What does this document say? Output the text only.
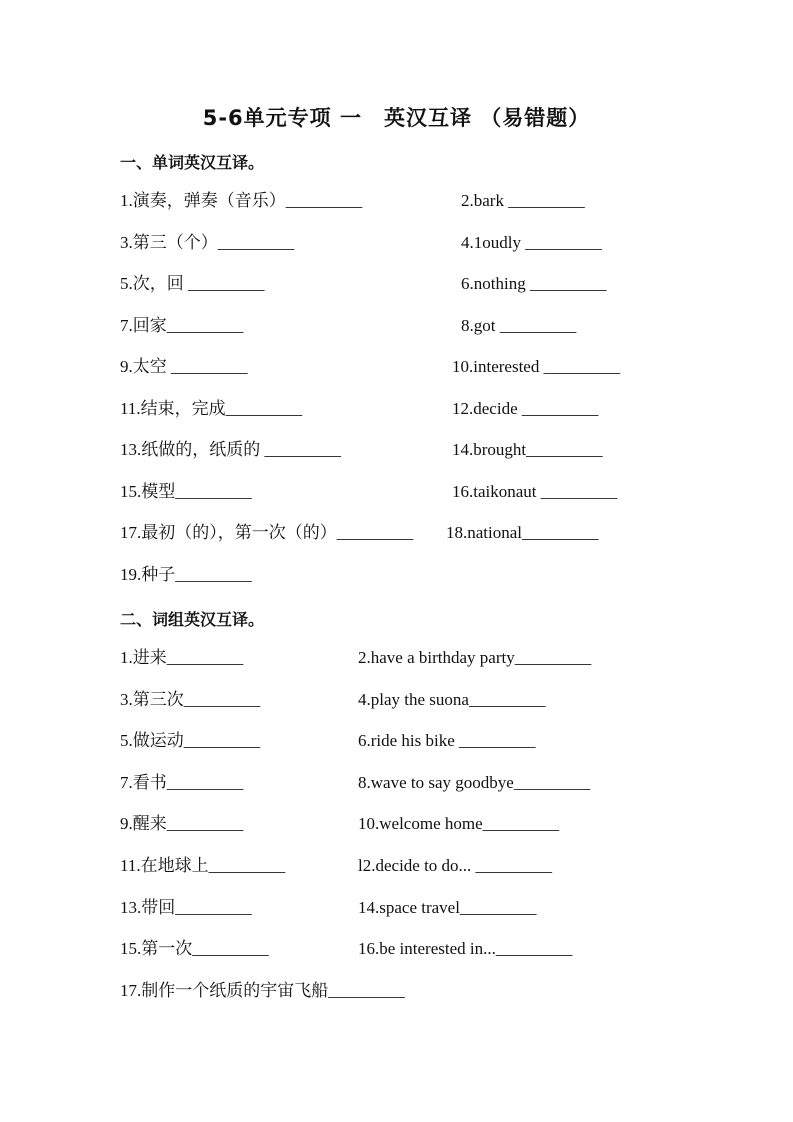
5-6单元专项 一　英汉互译 （易错题）
一、单词英汉互译。
1.演奏，弹奏（音乐）_________	2.bark _________
3.第三（个）_________	4.1oudly _________
5.次，回 _________	6.nothing _________
7.回家_________	8.got _________
9.太空 _________	10.interested _________
11.结束，完成_________	12.decide _________
13.纸做的，纸质的 _________	14.brought_________
15.模型_________	16.taikonaut _________
17.最初（的），第一次（的）_________ 18.national_________
19.种子_________
二、词组英汉互译。
1.进来_________	2.have a birthday party_________
3.第三次_________	4.play the suona_________
5.做运动_________	6.ride his bike _________
7.看书_________	8.wave to say goodbye_________
9.醒来_________	10.welcome home_________
11.在地球上_________	l2.decide to do... _________
13.带回_________	14.space travel_________
15.第一次_________	16.be interested in..._________
17.制作一个纸质的宇宙飞船_________
